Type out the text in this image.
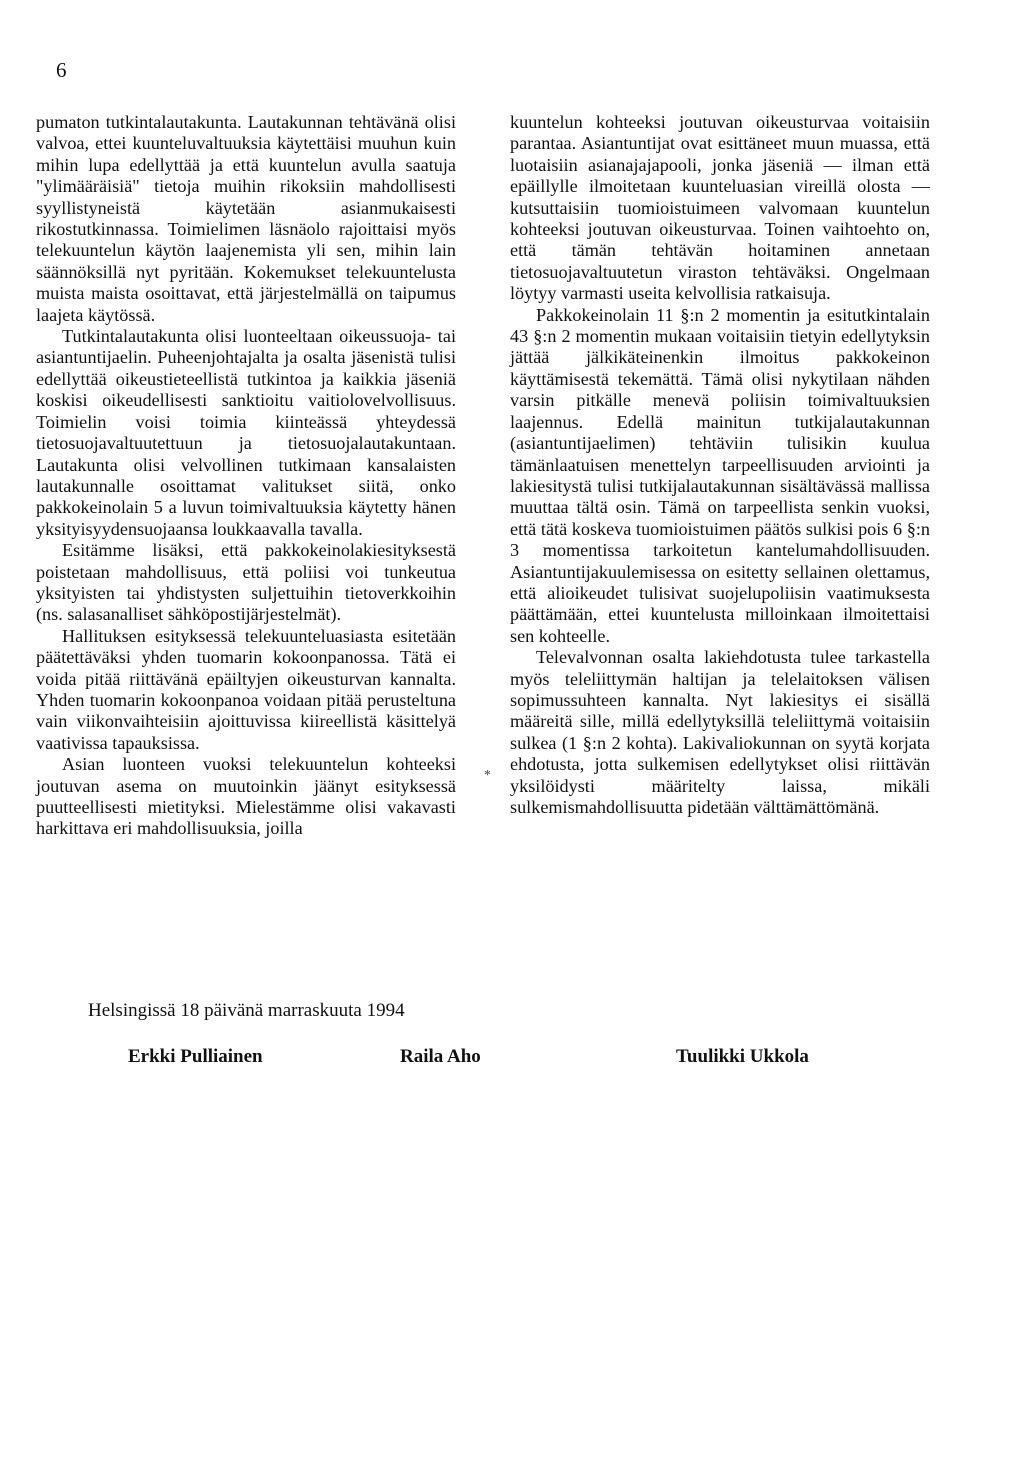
6

pumaton tutkintalautakunta. Lautakunnan tehtävänä olisi valvoa, ettei kuunteluvaltuuksia käytettäisi muuhun kuin mihin lupa edellyttää ja että kuuntelun avulla saatuja "ylimääräisiä" tietoja muihin rikoksiin mahdollisesti syyllistyneistä käytetään asianmukaisesti rikostutkinnassa. Toimielimen läsnäolo rajoittaisi myös telekuuntelun käytön laajenemista yli sen, mihin lain säännöksillä nyt pyritään. Kokemukset telekuuntelusta muista maista osoittavat, että järjestelmällä on taipumus laajeta käytössä.

Tutkintalautakunta olisi luonteeltaan oikeussuoja- tai asiantuntijaelin. Puheenjohtajalta ja osalta jäsenistä tulisi edellyttää oikeustieteellistä tutkintoa ja kaikkia jäseniä koskisi oikeudellisesti sanktioitu vaitiolovelvollisuus. Toimielin voisi toimia kiinteässä yhteydessä tietosuojavaltuutettuun ja tietosuojalautakuntaan. Lautakunta olisi velvollinen tutkimaan kansalaisten lautakunnalle osoittamat valitukset siitä, onko pakkokeinolain 5 a luvun toimivaltuuksia käytetty hänen yksityisyydensuojaansa loukkaavalla tavalla.

Esitämme lisäksi, että pakkokeinolakiesityksestä poistetaan mahdollisuus, että poliisi voi tunkeutua yksityisten tai yhdistysten suljettuihin tietoverkkoihin (ns. salasanalliset sähköpostijärjestelmät).

Hallituksen esityksessä telekuunteluasiasta esitetään päätettäväksi yhden tuomarin kokoonpanossa. Tätä ei voida pitää riittävänä epäiltyjen oikeusturvan kannalta. Yhden tuomarin kokoonpanoa voidaan pitää perusteltuna vain viikonvaihteisiin ajoittuvissa kiireellistä käsittelyä vaativissa tapauksissa.

Asian luonteen vuoksi telekuuntelun kohteeksi joutuvan asema on muutoinkin jäänyt esityksessä puutteellisesti mietityksi. Mielestämme olisi vakavasti harkittava eri mahdollisuuksia, joilla

kuuntelun kohteeksi joutuvan oikeusturvaa voitaisiin parantaa. Asiantuntijat ovat esittäneet muun muassa, että luotaisiin asianajajapooli, jonka jäseniä — ilman että epäillylle ilmoitetaan kuunteluasian vireillä olosta — kutsuttaisiin tuomioistuimeen valvomaan kuuntelun kohteeksi joutuvan oikeusturvaa. Toinen vaihtoehto on, että tämän tehtävän hoitaminen annetaan tietosuojavaltuutetun viraston tehtäväksi. Ongelmaan löytyy varmasti useita kelvollisia ratkaisuja.

Pakkokeinolain 11 §:n 2 momentin ja esitutkintalain 43 §:n 2 momentin mukaan voitaisiin tietyin edellytyksin jättää jälkikäteinenkin ilmoitus pakkokeinon käyttämisestä tekemättä. Tämä olisi nykytilaan nähden varsin pitkälle menevä poliisin toimivaltuuksien laajennus. Edellä mainitun tutkijalautakunnan (asiantuntijaelimen) tehtäviin tulisikin kuulua tämänlaatuisen menettelyn tarpeellisuuden arviointi ja lakiesitystä tulisi tutkijalautakunnan sisältävässä mallissa muuttaa tältä osin. Tämä on tarpeellista senkin vuoksi, että tätä koskeva tuomioistuimen päätös sulkisi pois 6 §:n 3 momentissa tarkoitetun kantelumahdollisuuden. Asiantuntijakuulemisessa on esitetty sellainen olettamus, että alioikeudet tulisivat suojelupoliisin vaatimuksesta päättämään, ettei kuuntelusta milloinkaan ilmoitettaisi sen kohteelle.

Televalvonnan osalta lakiehdotusta tulee tarkastella myös teleliittymän haltijan ja telelaitoksen välisen sopimussuhteen kannalta. Nyt lakiesitys ei sisällä määreitä sille, millä edellytyksillä teleliittymä voitaisiin sulkea (1 §:n 2 kohta). Lakivaliokunnan on syytä korjata ehdotusta, jotta sulkemisen edellytykset olisi riittävän yksilöidysti määritelty laissa, mikäli sulkemismahdollisuutta pidetään välttämättömänä.

*
Helsingissä 18 päivänä marraskuuta 1994
Erkki Pulliainen	Raila Aho	Tuulikki Ukkola
